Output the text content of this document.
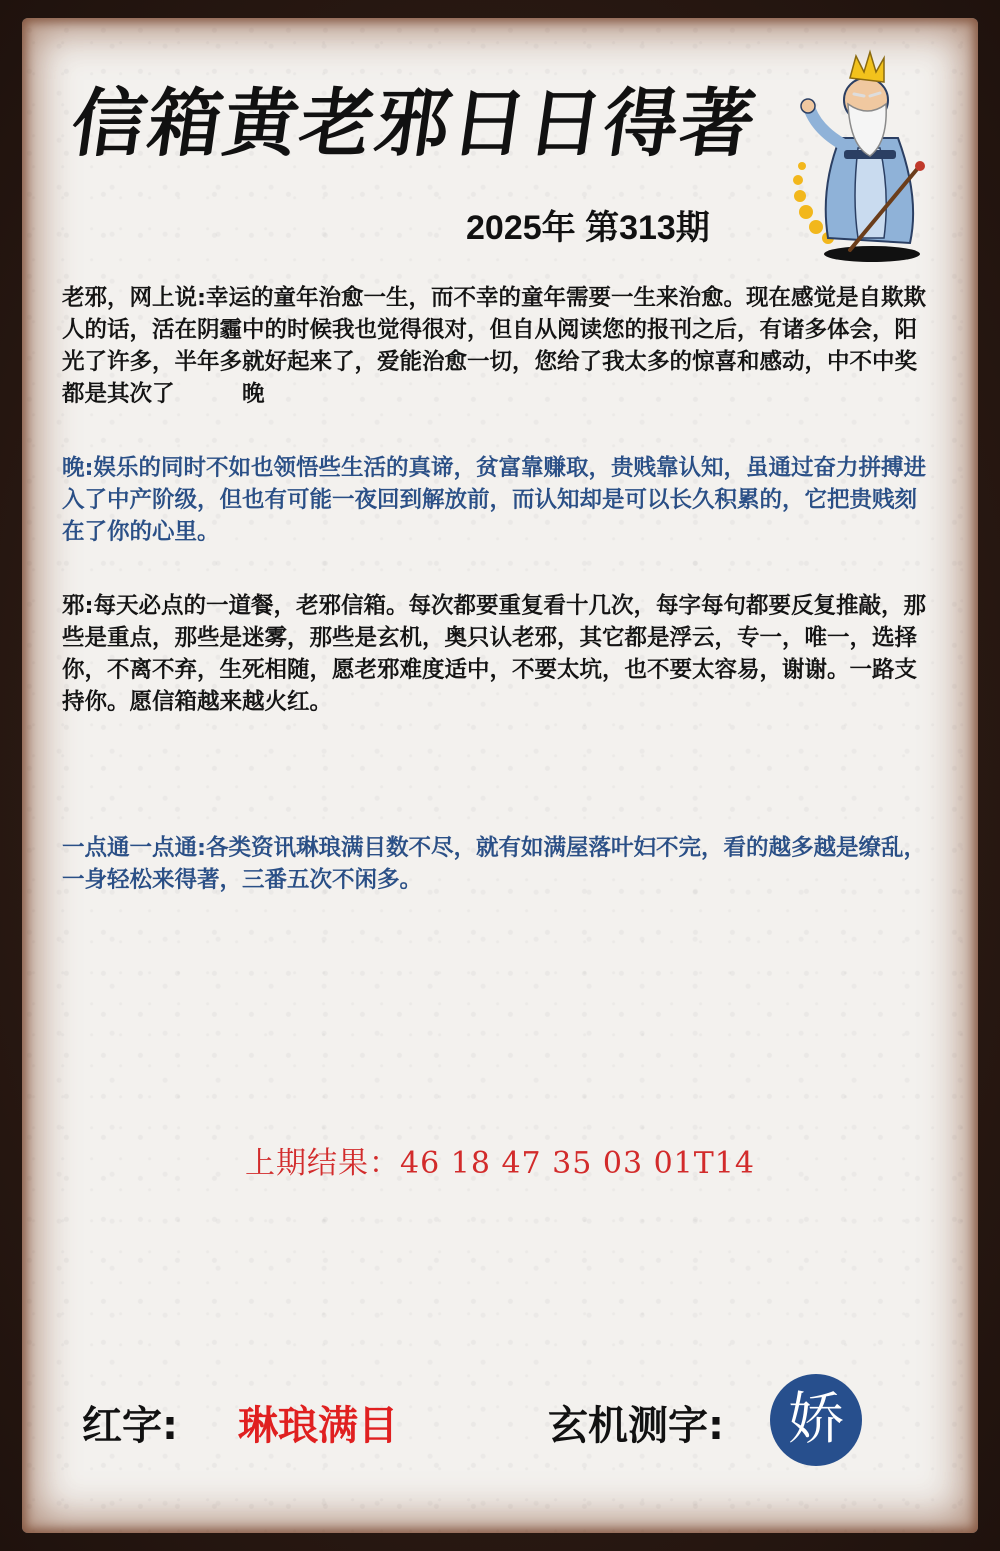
信箱黄老邪日日得著
2025年 第313期

老邪，网上说:幸运的童年治愈一生，而不幸的童年需要一生来治愈。现在感觉是自欺欺人的话，活在阴霾中的时候我也觉得很对，但自从阅读您的报刊之后，有诸多体会，阳光了许多，半年多就好起来了，爱能治愈一切，您给了我太多的惊喜和感动，中不中奖都是其次了　　　晚

晚:娱乐的同时不如也领悟些生活的真谛，贫富靠赚取，贵贱靠认知，虽通过奋力拼搏进入了中产阶级，但也有可能一夜回到解放前，而认知却是可以长久积累的，它把贵贱刻在了你的心里。

邪:每天必点的一道餐，老邪信箱。每次都要重复看十几次，每字每句都要反复推敲，那些是重点，那些是迷雾，那些是玄机，奥只认老邪，其它都是浮云，专一，唯一，选择你，不离不弃，生死相随，愿老邪难度适中，不要太坑，也不要太容易，谢谢。一路支持你。愿信箱越来越火红。

一点通一点通:各类资讯琳琅满目数不尽，就有如满屋落叶妇不完，看的越多越是缭乱，一身轻松来得著，三番五次不闲多。

上期结果：46 18 47 35 03 01T14
红字: 琳琅满目	玄机测字:	娇
